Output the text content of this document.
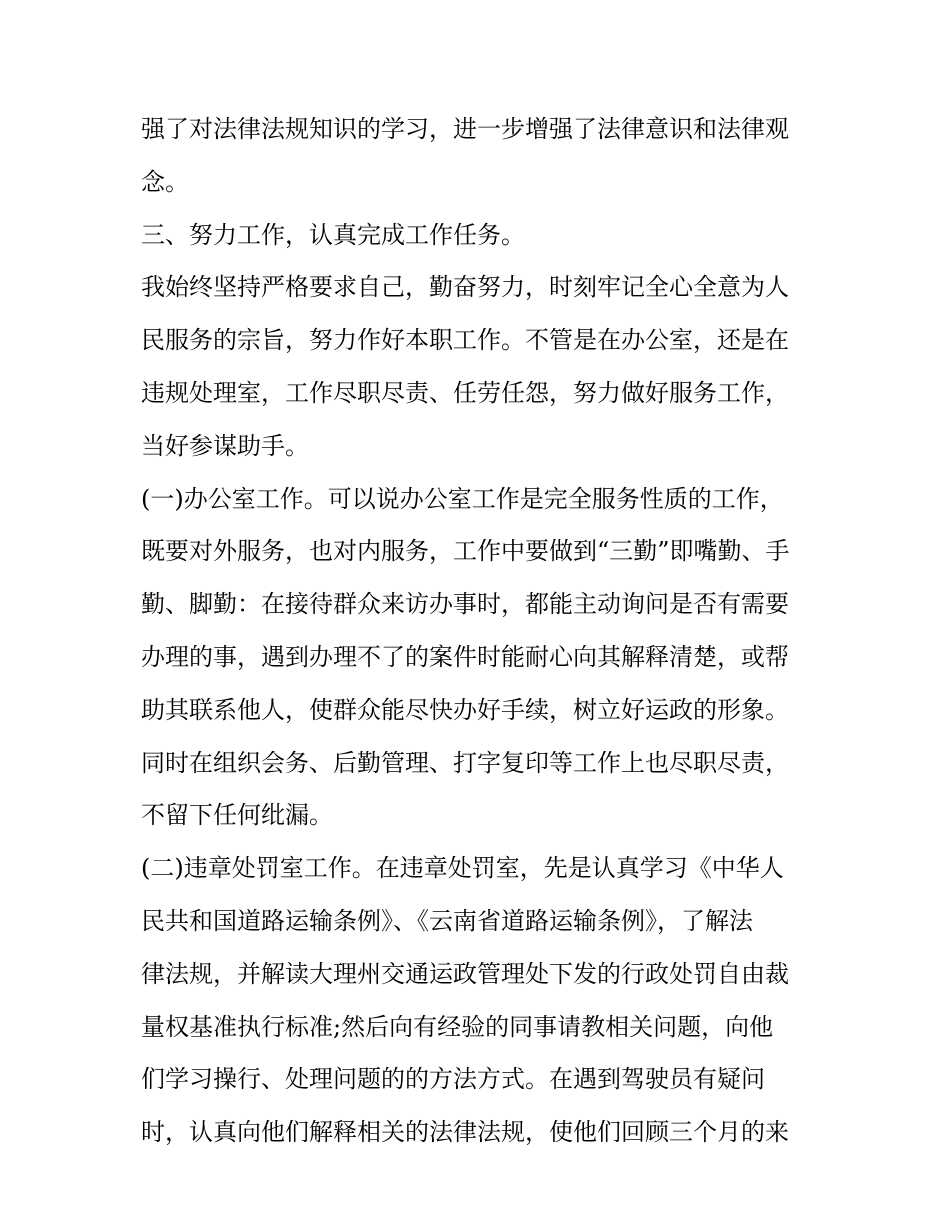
强了对法律法规知识的学习，进一步增强了法律意识和法律观
念。
三、努力工作，认真完成工作任务。
我始终坚持严格要求自己，勤奋努力，时刻牢记全心全意为人
民服务的宗旨，努力作好本职工作。不管是在办公室，还是在
违规处理室，工作尽职尽责、任劳任怨，努力做好服务工作，
当好参谋助手。
(一)办公室工作。可以说办公室工作是完全服务性质的工作，
既要对外服务，也对内服务，工作中要做到“三勤”即嘴勤、手
勤、脚勤：在接待群众来访办事时，都能主动询问是否有需要
办理的事，遇到办理不了的案件时能耐心向其解释清楚，或帮
助其联系他人，使群众能尽快办好手续，树立好运政的形象。
同时在组织会务、后勤管理、打字复印等工作上也尽职尽责，
不留下任何纰漏。
(二)违章处罚室工作。在违章处罚室，先是认真学习《中华人
民共和国道路运输条例》、《云南省道路运输条例》，了解法
律法规，并解读大理州交通运政管理处下发的行政处罚自由裁
量权基准执行标准;然后向有经验的同事请教相关问题，向他
们学习操行、处理问题的的方法方式。在遇到驾驶员有疑问
时，认真向他们解释相关的法律法规，使他们回顾三个月的来
